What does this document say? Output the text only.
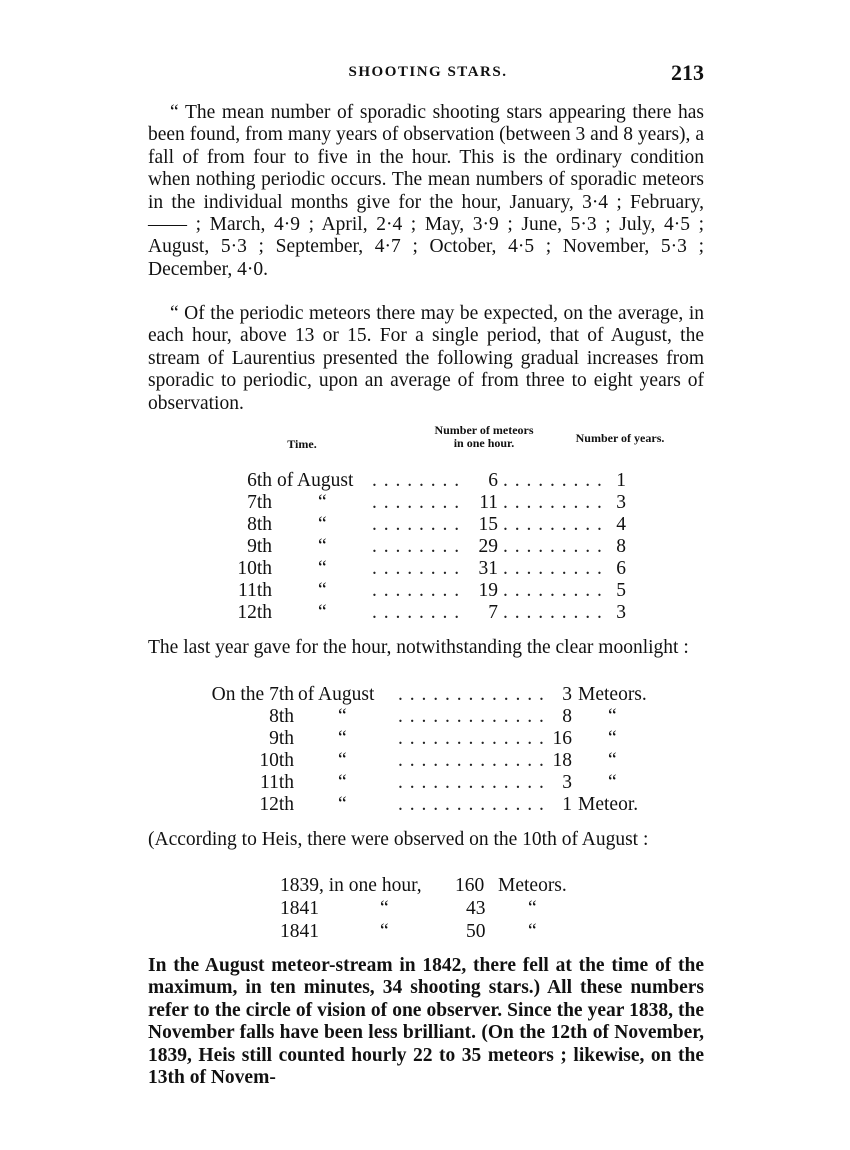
SHOOTING STARS.	213
“ The mean number of sporadic shooting stars appearing there has been found, from many years of observation (between 3 and 8 years), a fall of from four to five in the hour. This is the ordinary condition when nothing periodic occurs. The mean numbers of sporadic meteors in the individual months give for the hour, January, 3·4 ; February, —— ; March, 4·9 ; April, 2·4 ; May, 3·9 ; June, 5·3 ; July, 4·5 ; August, 5·3 ; September, 4·7 ; October, 4·5 ; November, 5·3 ; December, 4·0.
“ Of the periodic meteors there may be expected, on the average, in each hour, above 13 or 15. For a single period, that of August, the stream of Laurentius presented the following gradual increases from sporadic to periodic, upon an average of from three to eight years of observation.
Time.
Number of meteors in one hour.	Number of years.
6th of August . . . . . . . .	6 . . . . . . . . . 1
7th “	. . . . . . . . 11 . . . . . . . . . 3
8th “	. . . . . . . . 15 . . . . . . . . . 4
9th “	. . . . . . . . 29 . . . . . . . . . 8
10th “	. . . . . . . . 31 . . . . . . . . . 6
11th “	. . . . . . . . 19 . . . . . . . . . 5
12th “	. . . . . . . .	7 . . . . . . . . . 3
The last year gave for the hour, notwithstanding the clear moonlight :
On the 7th of August	. . . . . . . . . . . . . 3 Meteors.
8th “	. . . . . . . . . . . . . 8 “
9th “	. . . . . . . . . . . . . 16 “
10th “	. . . . . . . . . . . . . 18 “
11th “	. . . . . . . . . . . . . 3 “
12th “	. . . . . . . . . . . . . 1 Meteor.
(According to Heis, there were observed on the 10th of August :
1839, in one hour,	160 Meteors.
1841	“	43	“
1841	“	50	“
In the August meteor-stream in 1842, there fell at the time of the maximum, in ten minutes, 34 shooting stars.) All these numbers refer to the circle of vision of one observer. Since the year 1838, the November falls have been less brilliant. (On the 12th of November, 1839, Heis still counted hourly 22 to 35 meteors ; likewise, on the 13th of Novem-
